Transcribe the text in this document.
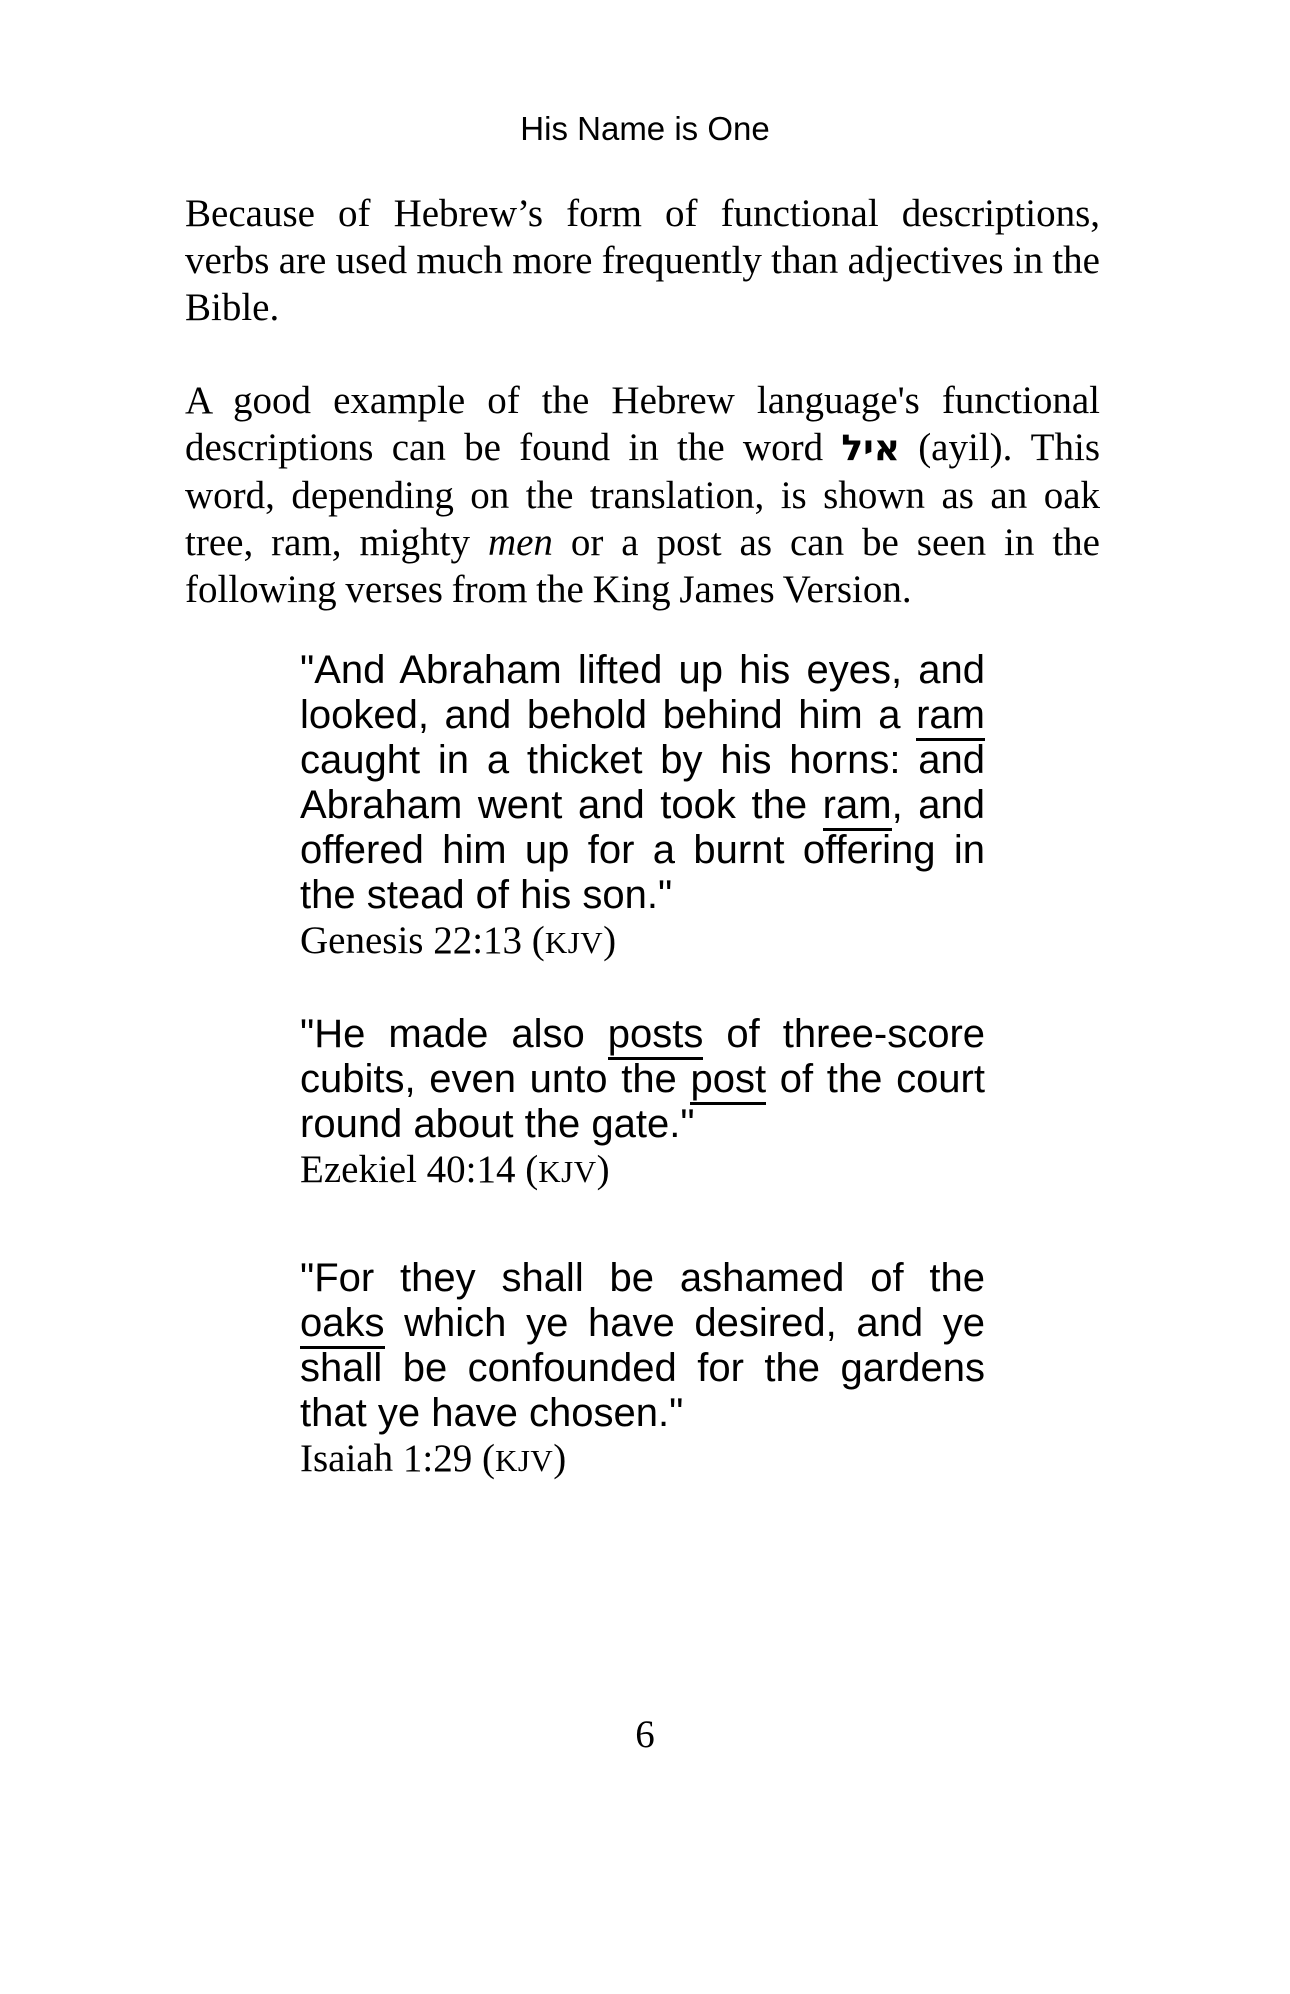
His Name is One

Because of Hebrew’s form of functional descriptions, verbs are used much more frequently than adjectives in the Bible.

A good example of the Hebrew language's functional descriptions can be found in the word איל (ayil). This word, depending on the translation, is shown as an oak tree, ram, mighty men or a post as can be seen in the following verses from the King James Version.

"And Abraham lifted up his eyes, and looked, and behold behind him a ram caught in a thicket by his horns: and Abraham went and took the ram, and offered him up for a burnt offering in the stead of his son."
Genesis 22:13 (KJV)
"He made also posts of three-score cubits, even unto the post of the court round about the gate."
Ezekiel 40:14 (KJV)
"For they shall be ashamed of the oaks which ye have desired, and ye shall be confounded for the gardens that ye have chosen."
Isaiah 1:29 (KJV)
6
